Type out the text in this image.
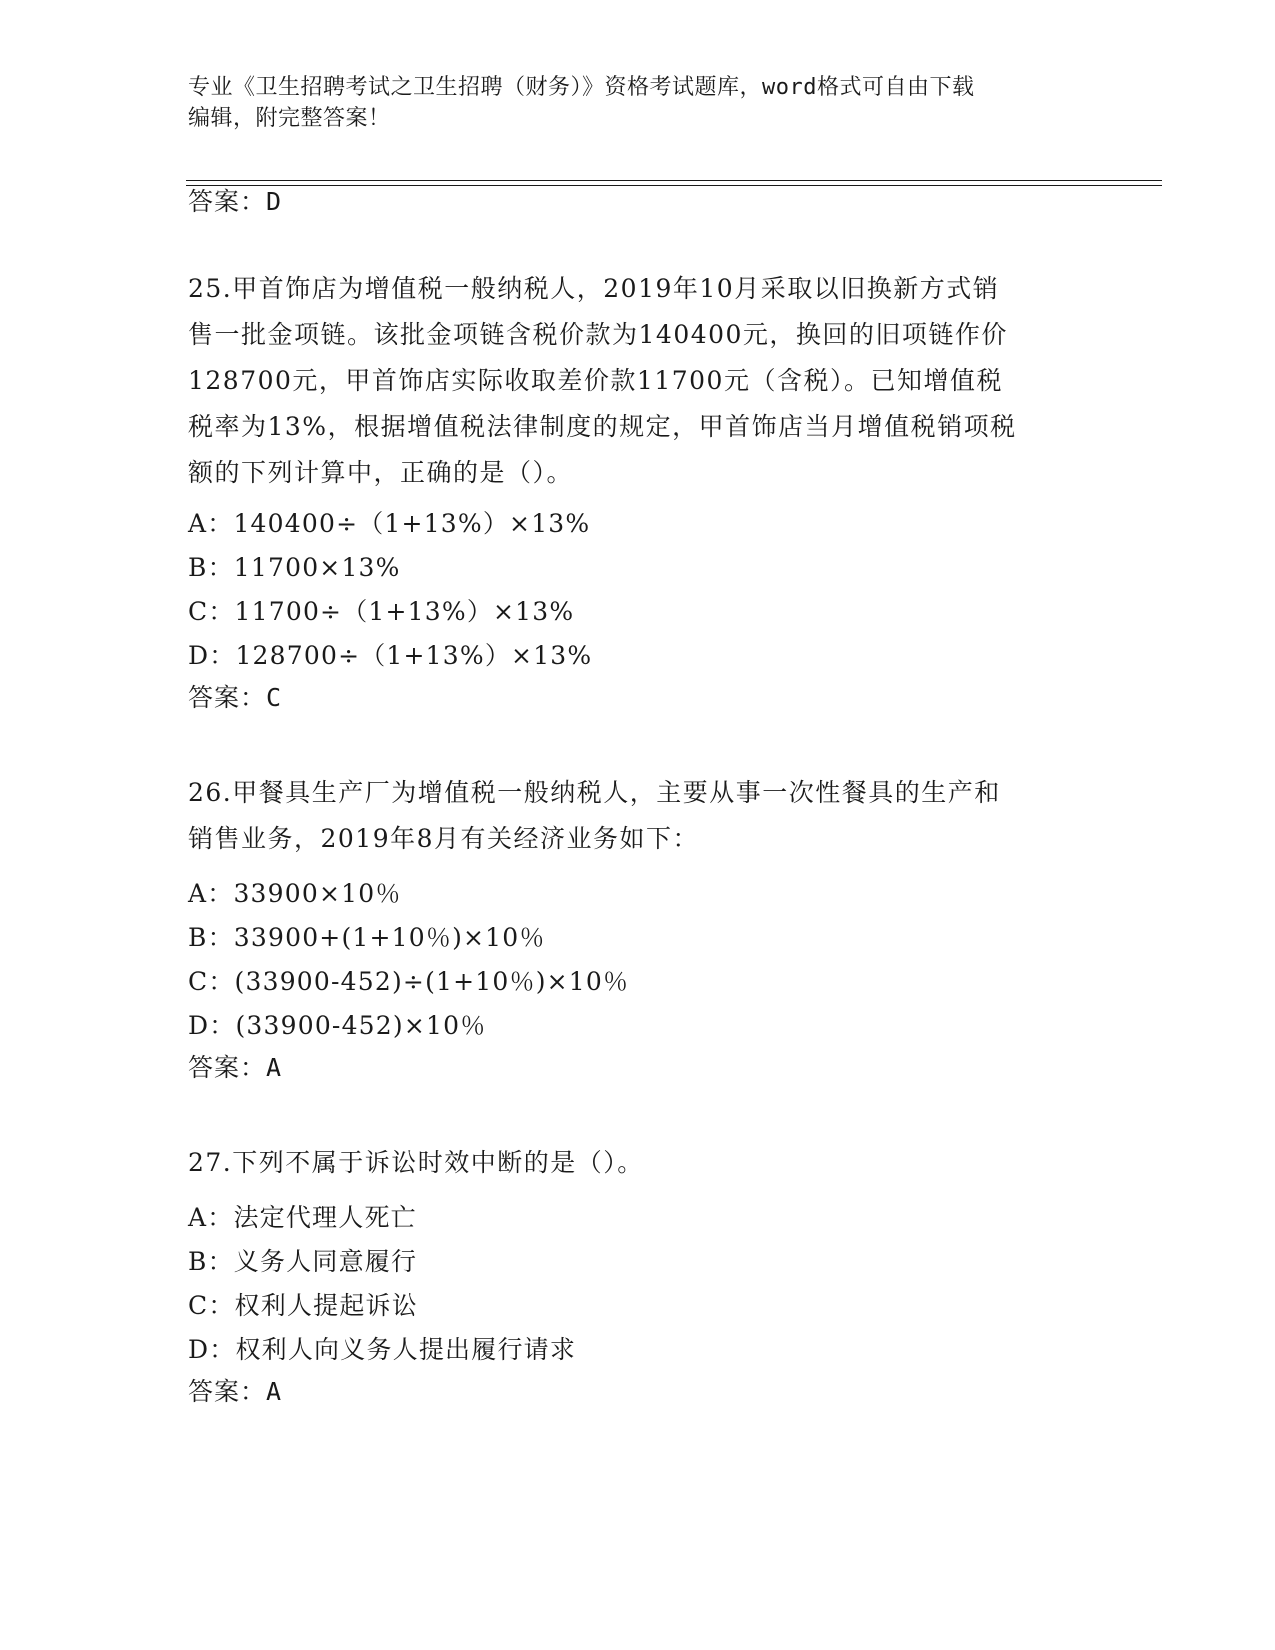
专业《卫生招聘考试之卫生招聘（财务）》资格考试题库，word格式可自由下载
编辑，附完整答案！
答案：D
25.甲首饰店为增值税一般纳税人，2019年10月采取以旧换新方式销
售一批金项链。该批金项链含税价款为140400元，换回的旧项链作价
128700元，甲首饰店实际收取差价款11700元（含税）。已知增值税
税率为13%，根据增值税法律制度的规定，甲首饰店当月增值税销项税
额的下列计算中，正确的是（）。
A：140400÷（1+13%）×13%
B：11700×13%
C：11700÷（1+13%）×13%
D：128700÷（1+13%）×13%
答案：C
26.甲餐具生产厂为增值税一般纳税人，主要从事一次性餐具的生产和
销售业务，2019年8月有关经济业务如下：
A：33900×10％
B：33900+(1+10％)×10％
C：(33900-452)÷(1+10％)×10％
D：(33900-452)×10％
答案：A
27.下列不属于诉讼时效中断的是（）。
A：法定代理人死亡
B：义务人同意履行
C：权利人提起诉讼
D：权利人向义务人提出履行请求
答案：A
